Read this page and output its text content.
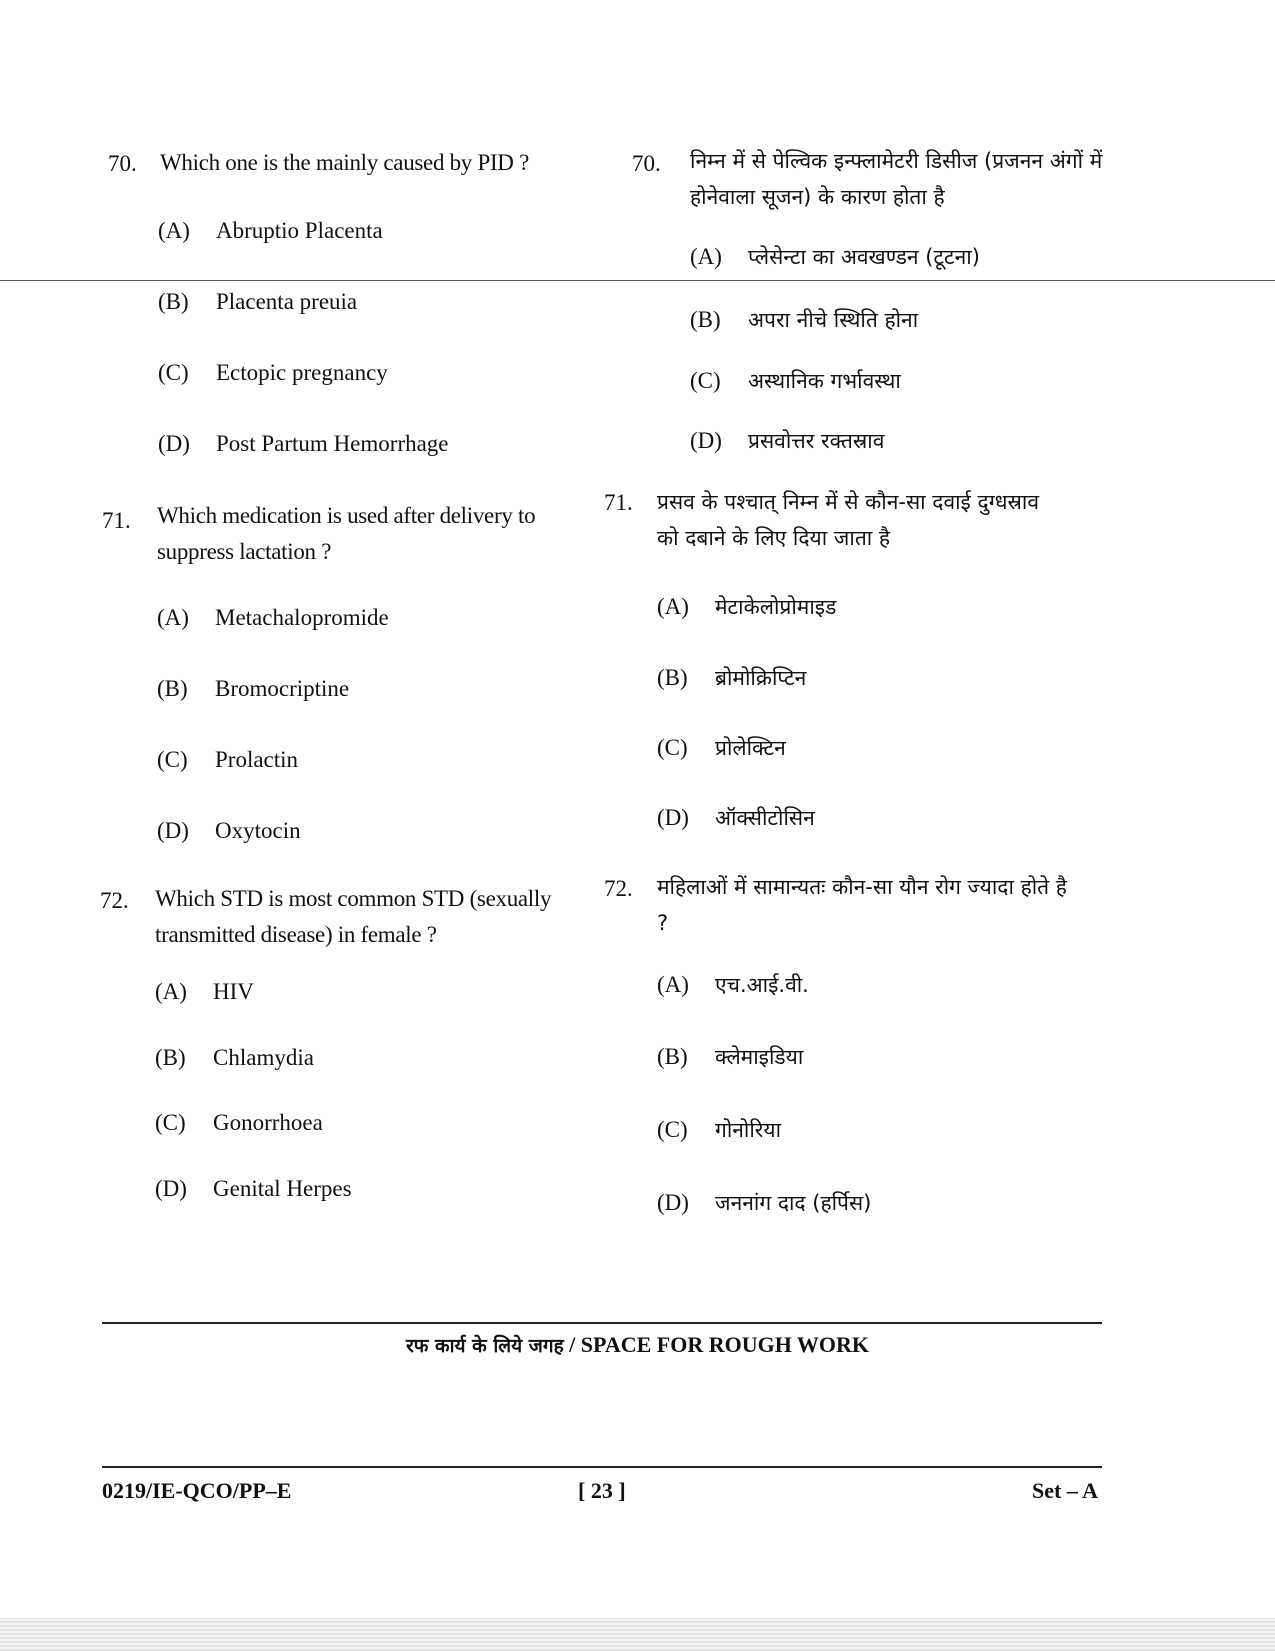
70. Which one is the mainly caused by PID ?
(A) Abruptio Placenta
(B) Placenta preuia
(C) Ectopic pregnancy
(D) Post Partum Hemorrhage
71. Which medication is used after delivery to suppress lactation ?
(A) Metachalopromide
(B) Bromocriptine
(C) Prolactin
(D) Oxytocin
72. Which STD is most common STD (sexually transmitted disease) in female ?
(A) HIV
(B) Chlamydia
(C) Gonorrhoea
(D) Genital Herpes
70. निम्न में से पेल्विक इन्फ्लामेटरी डिसीज (प्रजनन अंगों में होनेवाला सूजन) के कारण होता है
(A) प्लेसेन्टा का अवखण्डन (टूटना)
(B) अपरा नीचे स्थिति होना
(C) अस्थानिक गर्भावस्था
(D) प्रसवोत्तर रक्तस्राव
71. प्रसव के पश्चात् निम्न में से कौन-सा दवाई दुग्धस्राव को दबाने के लिए दिया जाता है
(A) मेटाकेलोप्रोमाइड
(B) ब्रोमोक्रिप्टिन
(C) प्रोलेक्टिन
(D) ऑक्सीटोसिन
72. महिलाओं में सामान्यतः कौन-सा यौन रोग ज्यादा होते है ?
(A) एच.आई.वी.
(B) क्लेमाइडिया
(C) गोनोरिया
(D) जननांग दाद (हर्पिस)
रफ कार्य के लिये जगह / SPACE FOR ROUGH WORK
0219/IE-QCO/PP–E	[ 23 ]	Set – A
